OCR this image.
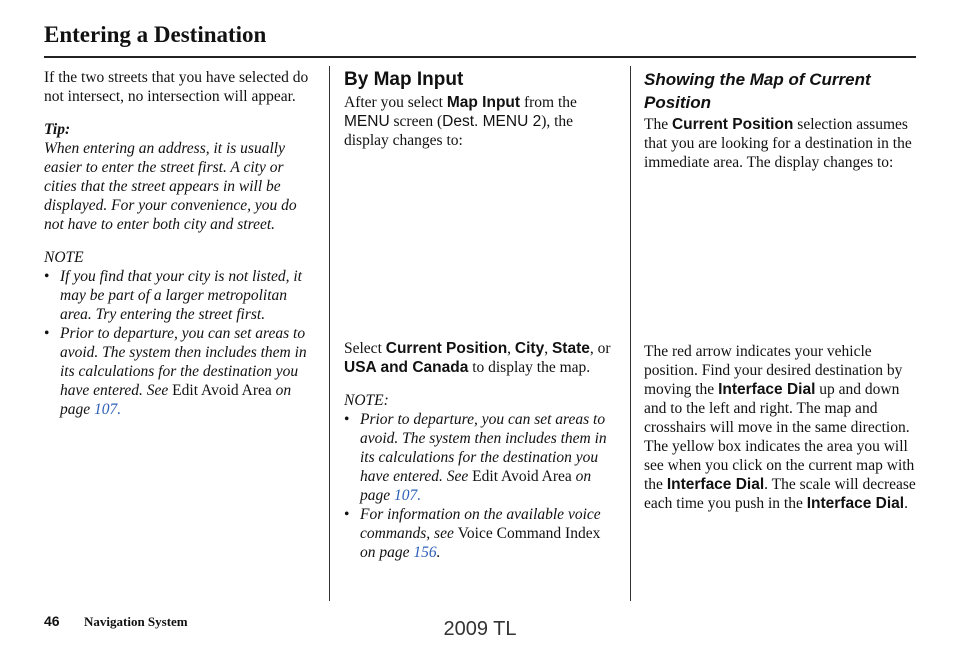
Entering a Destination

If the two streets that you have selected do not intersect, no intersection will appear.

Tip:

When entering an address, it is usually easier to enter the street first. A city or cities that the street appears in will be displayed. For your convenience, you do not have to enter both city and street.

NOTE

• If you find that your city is not listed, it may be part of a larger metropolitan area. Try entering the street first.
• Prior to departure, you can set areas to avoid. The system then includes them in its calculations for the destination you have entered. See Edit Avoid Area on page 107.

By Map Input

After you select Map Input from the MENU screen (Dest. MENU 2), the display changes to:

Select Current Position, City, State, or USA and Canada to display the map.

NOTE:

• Prior to departure, you can set areas to avoid. The system then includes them in its calculations for the destination you have entered. See Edit Avoid Area on page 107.
• For information on the available voice commands, see Voice Command Index on page 156.

Showing the Map of Current Position

The Current Position selection assumes that you are looking for a destination in the immediate area. The display changes to:

The red arrow indicates your vehicle position. Find your desired destination by moving the Interface Dial up and down and to the left and right. The map and crosshairs will move in the same direction.

The yellow box indicates the area you will see when you click on the current map with the Interface Dial. The scale will decrease each time you push in the Interface Dial.

46 Navigation System	2009 TL
